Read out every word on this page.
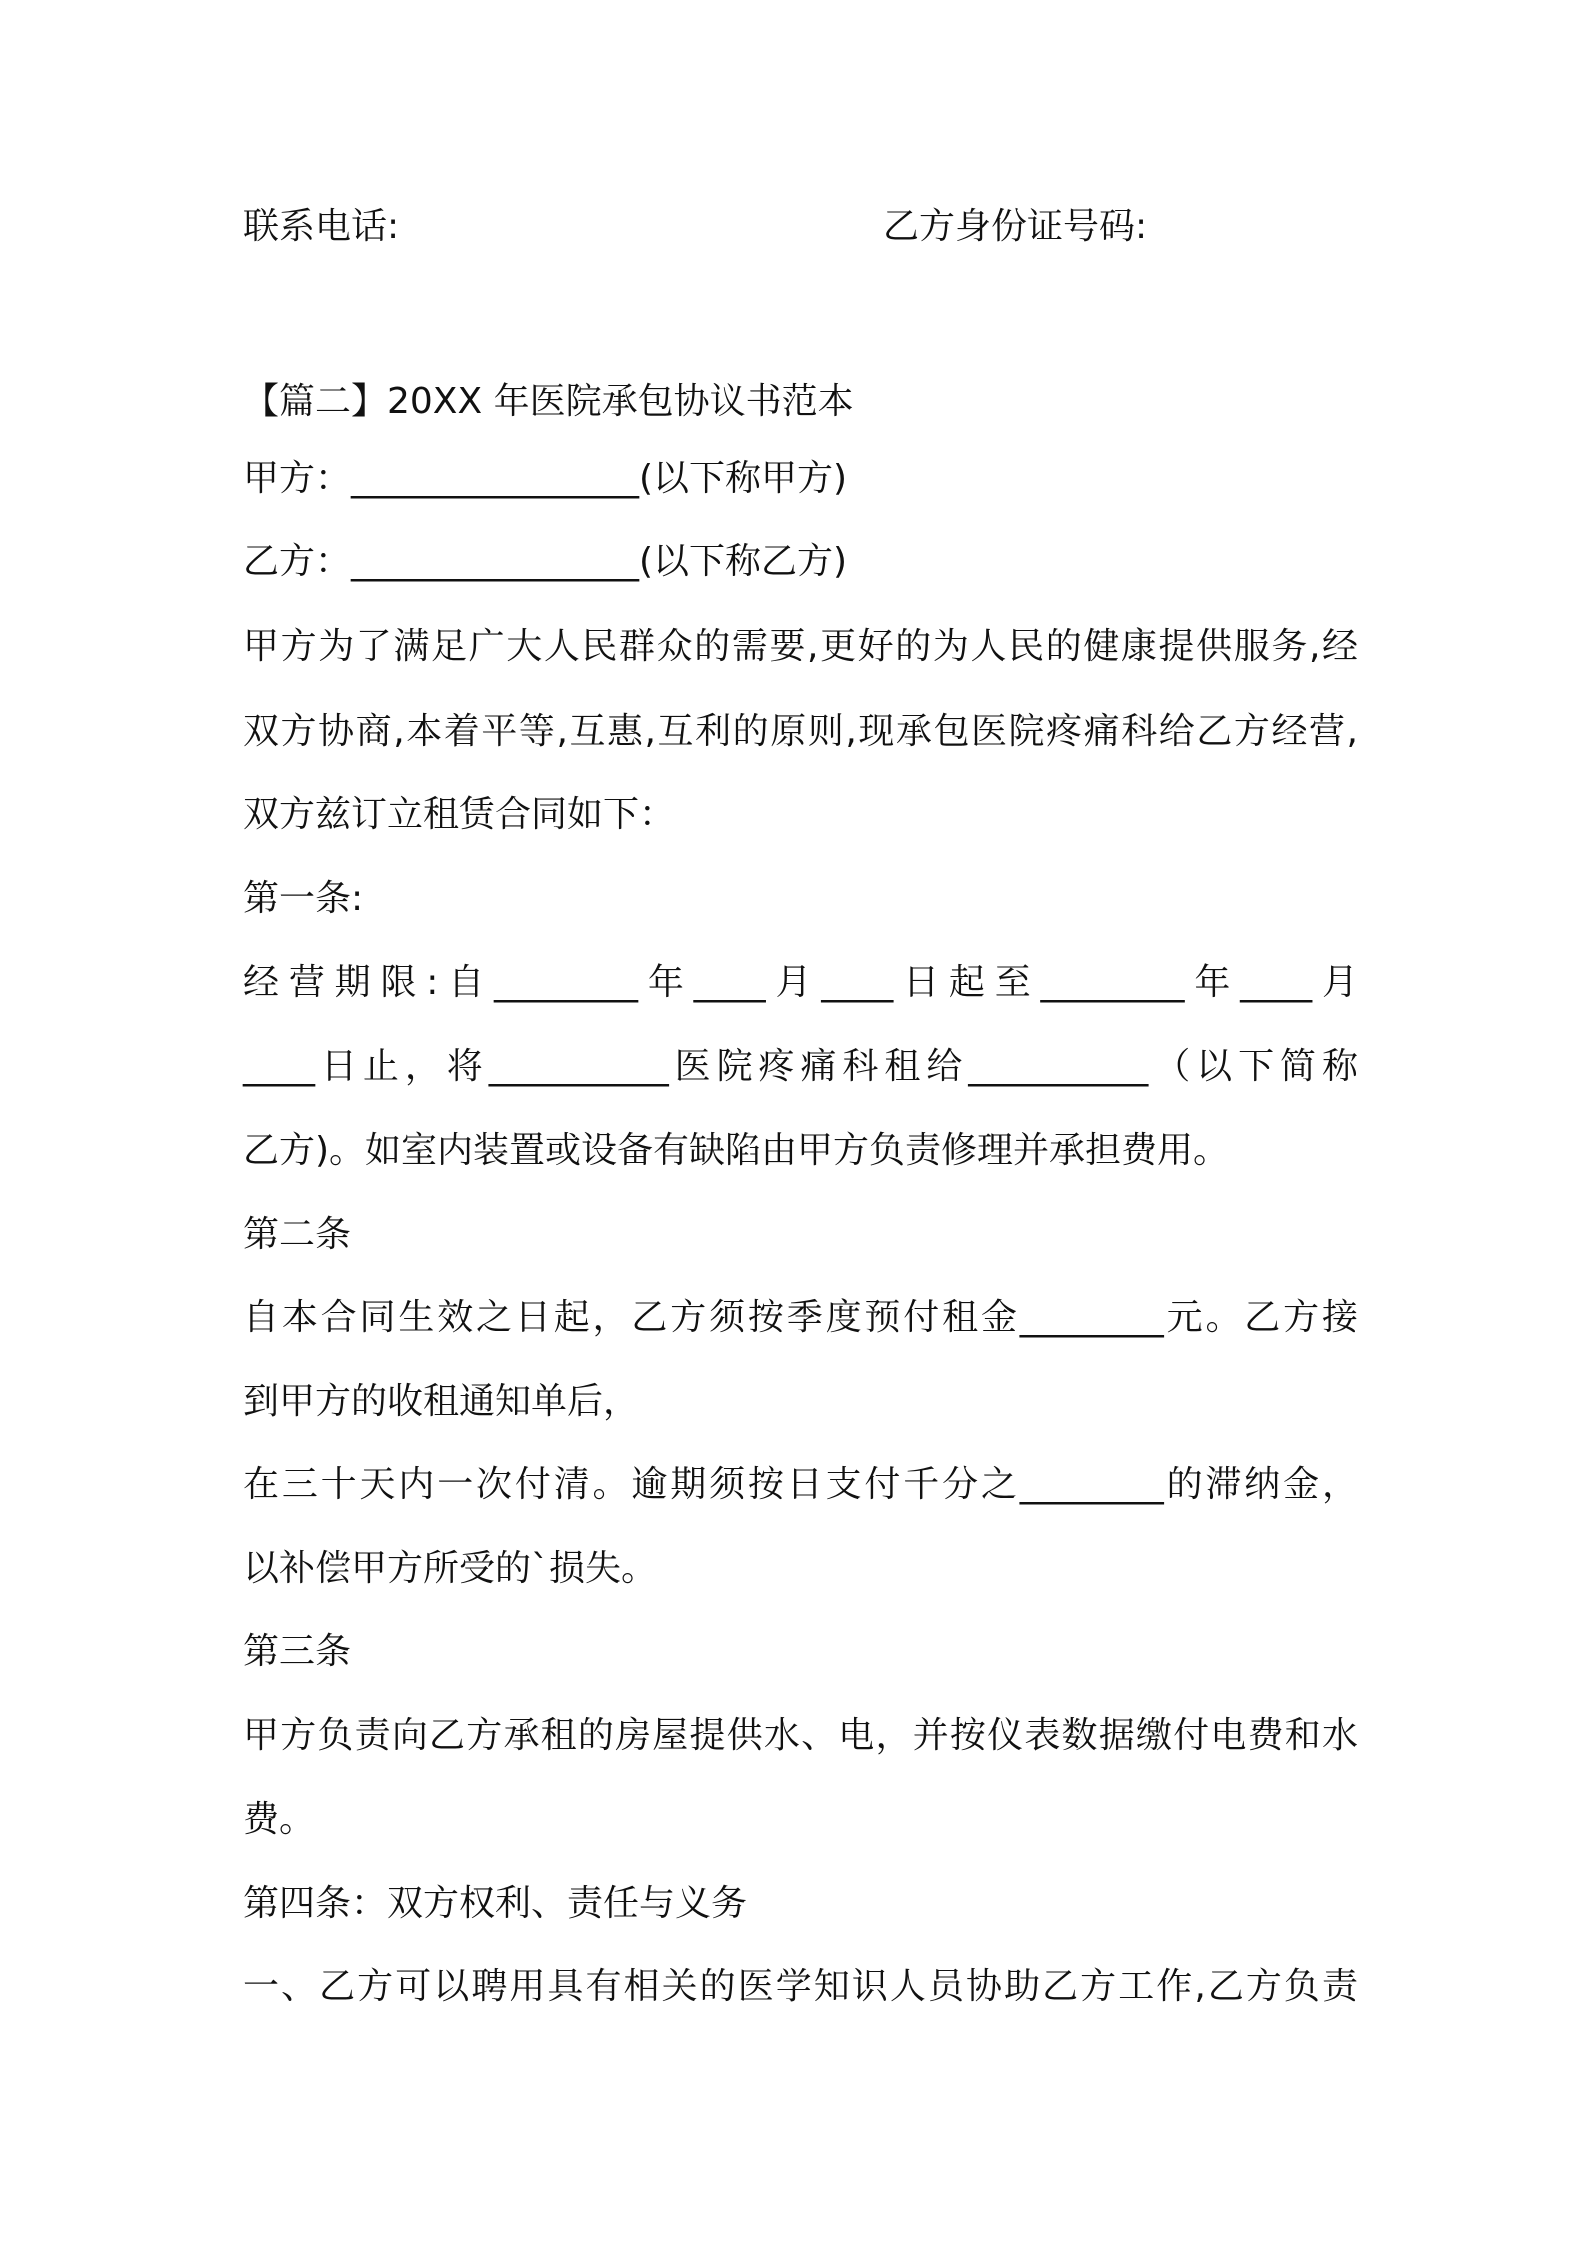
联系电话:	乙方身份证号码:
【篇二】20XX 年医院承包协议书范本
甲方：________________(以下称甲方)
乙方：________________(以下称乙方)
甲方为了满足广大人民群众的需要,更好的为人民的健康提供服务,经
双方协商,本着平等,互惠,互利的原则,现承包医院疼痛科给乙方经营,
双方兹订立租赁合同如下：
第一条:
经营期限:自________年____月____日起至________年____月
____日止，将__________医院疼痛科租给__________（以下简称
乙方)。如室内装置或设备有缺陷由甲方负责修理并承担费用。
第二条
自本合同生效之日起，乙方须按季度预付租金________元。乙方接
到甲方的收租通知单后，
在三十天内一次付清。逾期须按日支付千分之________的滞纳金，
以补偿甲方所受的`损失。
第三条
甲方负责向乙方承租的房屋提供水、电，并按仪表数据缴付电费和水
费。
第四条：双方权利、责任与义务
一、乙方可以聘用具有相关的医学知识人员协助乙方工作,乙方负责
